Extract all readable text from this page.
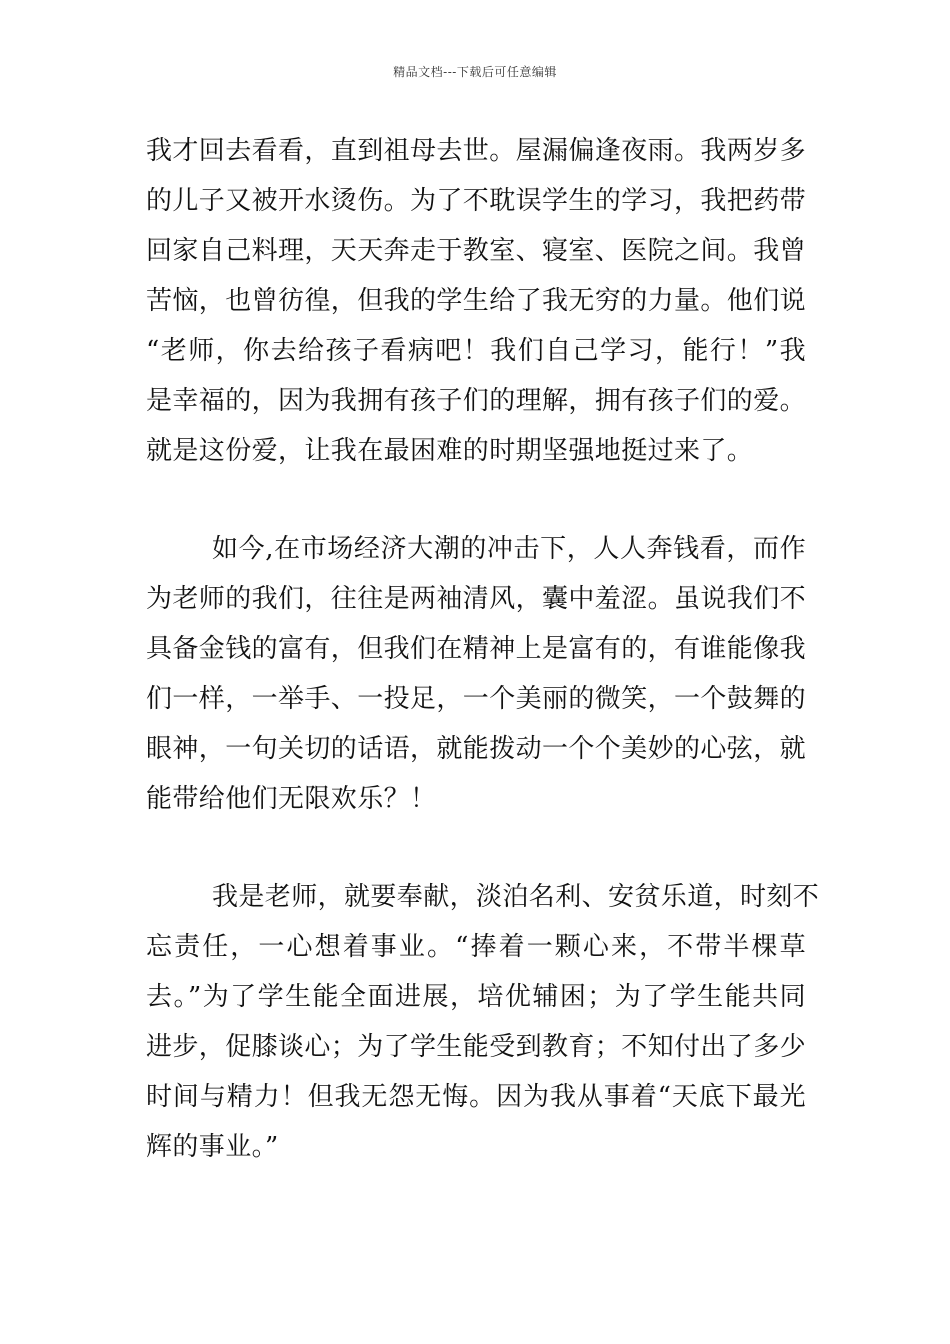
精品文档---下载后可任意编辑
我才回去看看，直到祖母去世。屋漏偏逢夜雨。我两岁多
的儿子又被开水烫伤。为了不耽误学生的学习，我把药带
回家自己料理，天天奔走于教室、寝室、医院之间。我曾
苦恼，也曾彷徨，但我的学生给了我无穷的力量。他们说
“老师，你去给孩子看病吧！我们自己学习，能行！”我
是幸福的，因为我拥有孩子们的理解，拥有孩子们的爱。
就是这份爱，让我在最困难的时期坚强地挺过来了。
如今,在市场经济大潮的冲击下，人人奔钱看，而作
为老师的我们，往往是两袖清风，囊中羞涩。虽说我们不
具备金钱的富有，但我们在精神上是富有的，有谁能像我
们一样，一举手、一投足，一个美丽的微笑，一个鼓舞的
眼神，一句关切的话语，就能拨动一个个美妙的心弦，就
能带给他们无限欢乐？！
我是老师，就要奉献，淡泊名利、安贫乐道，时刻不
忘责任，一心想着事业。“捧着一颗心来，不带半棵草
去。”为了学生能全面进展，培优辅困；为了学生能共同
进步，促膝谈心；为了学生能受到教育；不知付出了多少
时间与精力！但我无怨无悔。因为我从事着“天底下最光
辉的事业。”
